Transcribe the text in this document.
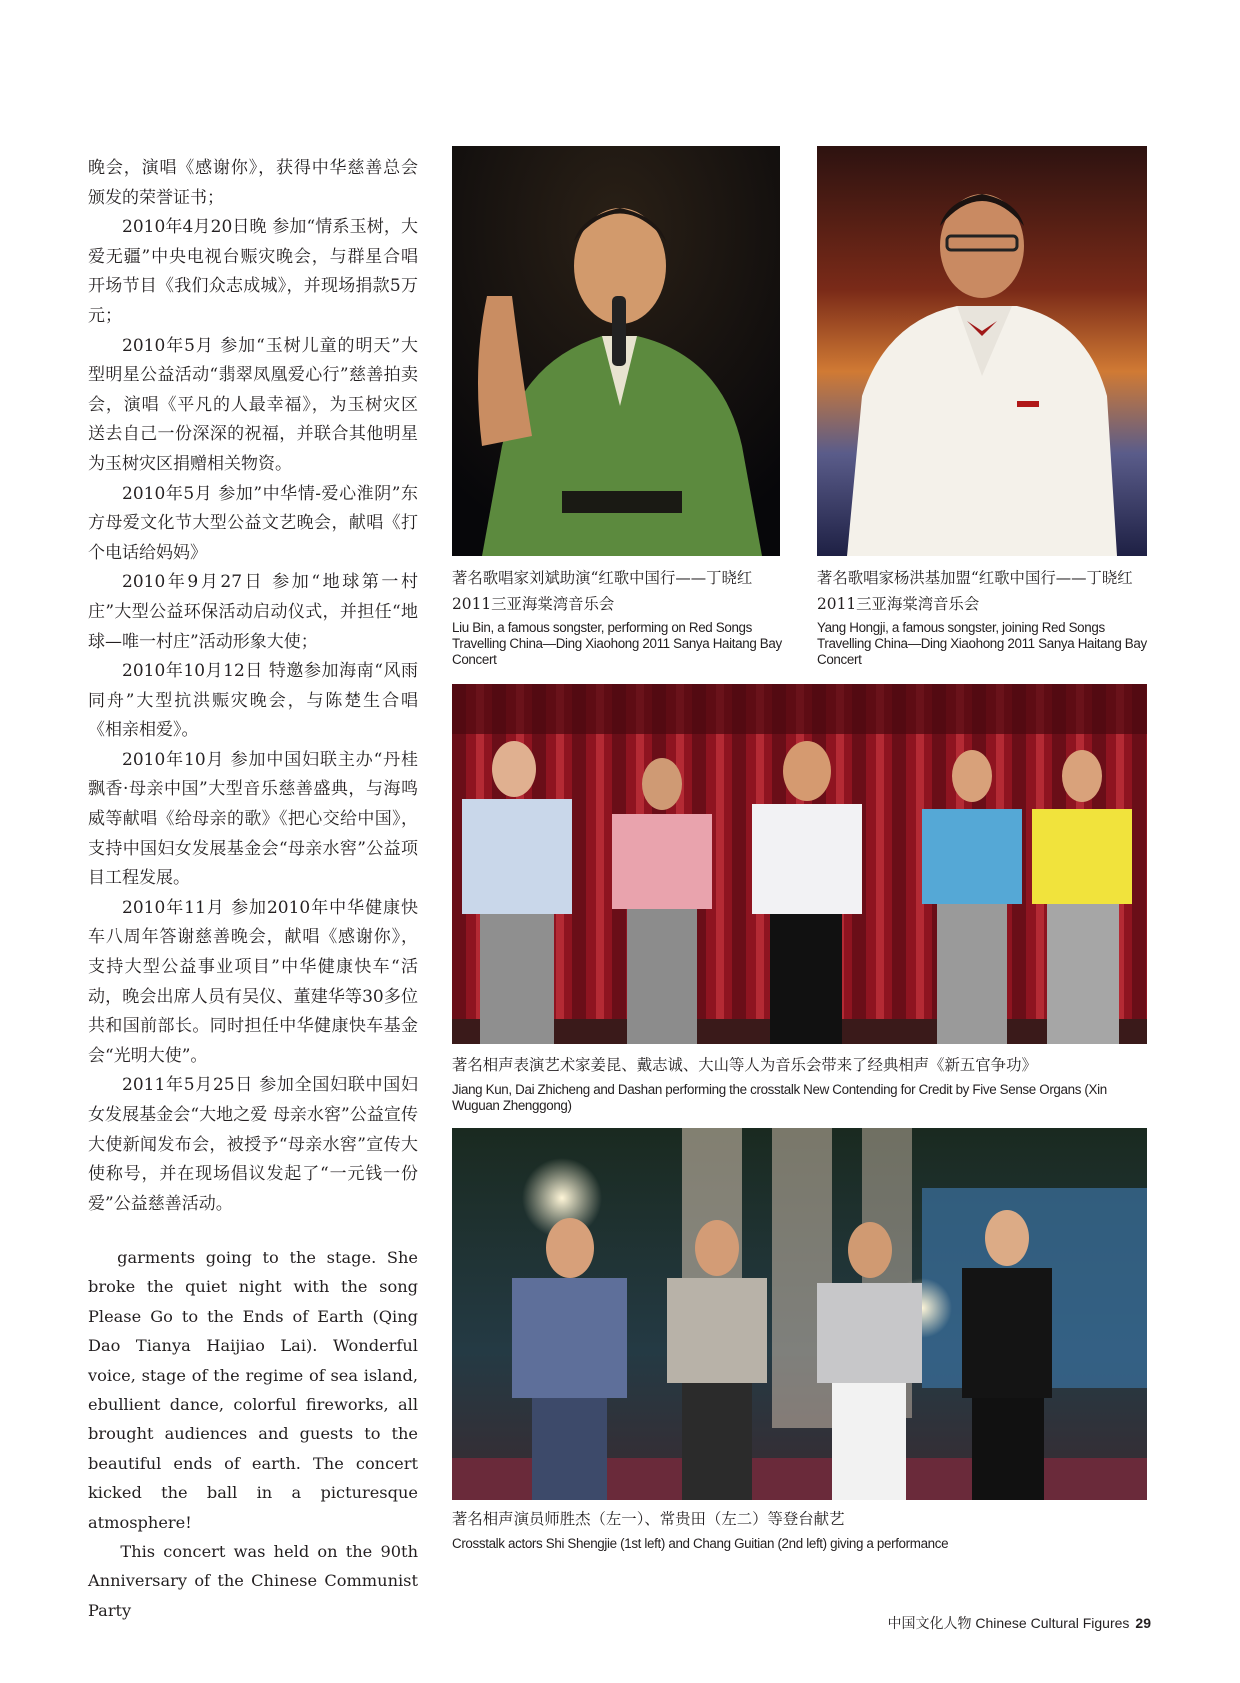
晚会，演唱《感谢你》，获得中华慈善总会颁发的荣誉证书；

2010年4月20日晚 参加“情系玉树，大爱无疆”中央电视台赈灾晚会，与群星合唱开场节目《我们众志成城》，并现场捐款5万元；

2010年5月 参加“玉树儿童的明天”大型明星公益活动“翡翠凤凰爱心行”慈善拍卖会，演唱《平凡的人最幸福》，为玉树灾区送去自己一份深深的祝福，并联合其他明星为玉树灾区捐赠相关物资。

2010年5月 参加”中华情-爱心淮阴”东方母爱文化节大型公益文艺晚会，献唱《打个电话给妈妈》

2010年9月27日 参加“地球第一村庄”大型公益环保活动启动仪式，并担任“地球—唯一村庄”活动形象大使；

2010年10月12日 特邀参加海南“风雨同舟”大型抗洪赈灾晚会，与陈楚生合唱《相亲相爱》。

2010年10月 参加中国妇联主办“丹桂飘香·母亲中国”大型音乐慈善盛典，与海鸣威等献唱《给母亲的歌》《把心交给中国》，支持中国妇女发展基金会“母亲水窖”公益项目工程发展。

2010年11月 参加2010年中华健康快车八周年答谢慈善晚会，献唱《感谢你》，支持大型公益事业项目”中华健康快车“活动，晚会出席人员有吴仪、董建华等30多位共和国前部长。同时担任中华健康快车基金会“光明大使”。

2011年5月25日 参加全国妇联中国妇女发展基金会“大地之爱 母亲水窖”公益宣传大使新闻发布会，被授予“母亲水窖”宣传大使称号，并在现场倡议发起了“一元钱一份爱”公益慈善活动。

garments going to the stage. She broke the quiet night with the song Please Go to the Ends of Earth (Qing Dao Tianya Haijiao Lai). Wonderful voice, stage of the regime of sea island, ebullient dance, colorful fireworks, all brought audiences and guests to the beautiful ends of earth. The concert kicked the ball in a picturesque atmosphere!

This concert was held on the 90th Anniversary of the Chinese Communist Party

著名歌唱家刘斌助演“红歌中国行——丁晓红2011三亚海棠湾音乐会
Liu Bin, a famous songster, performing on Red Songs Travelling China—Ding Xiaohong 2011 Sanya Haitang Bay Concert
著名歌唱家杨洪基加盟“红歌中国行——丁晓红2011三亚海棠湾音乐会
Yang Hongji, a famous songster, joining Red Songs Travelling China—Ding Xiaohong 2011 Sanya Haitang Bay Concert
著名相声表演艺术家姜昆、戴志诚、大山等人为音乐会带来了经典相声《新五官争功》
Jiang Kun, Dai Zhicheng and Dashan performing the crosstalk New Contending for Credit by Five Sense Organs (Xin Wuguan Zhenggong)
著名相声演员师胜杰（左一）、常贵田（左二）等登台献艺
Crosstalk actors Shi Shengjie (1st left) and Chang Guitian (2nd left) giving a performance
中国文化人物 Chinese Cultural Figures 29
